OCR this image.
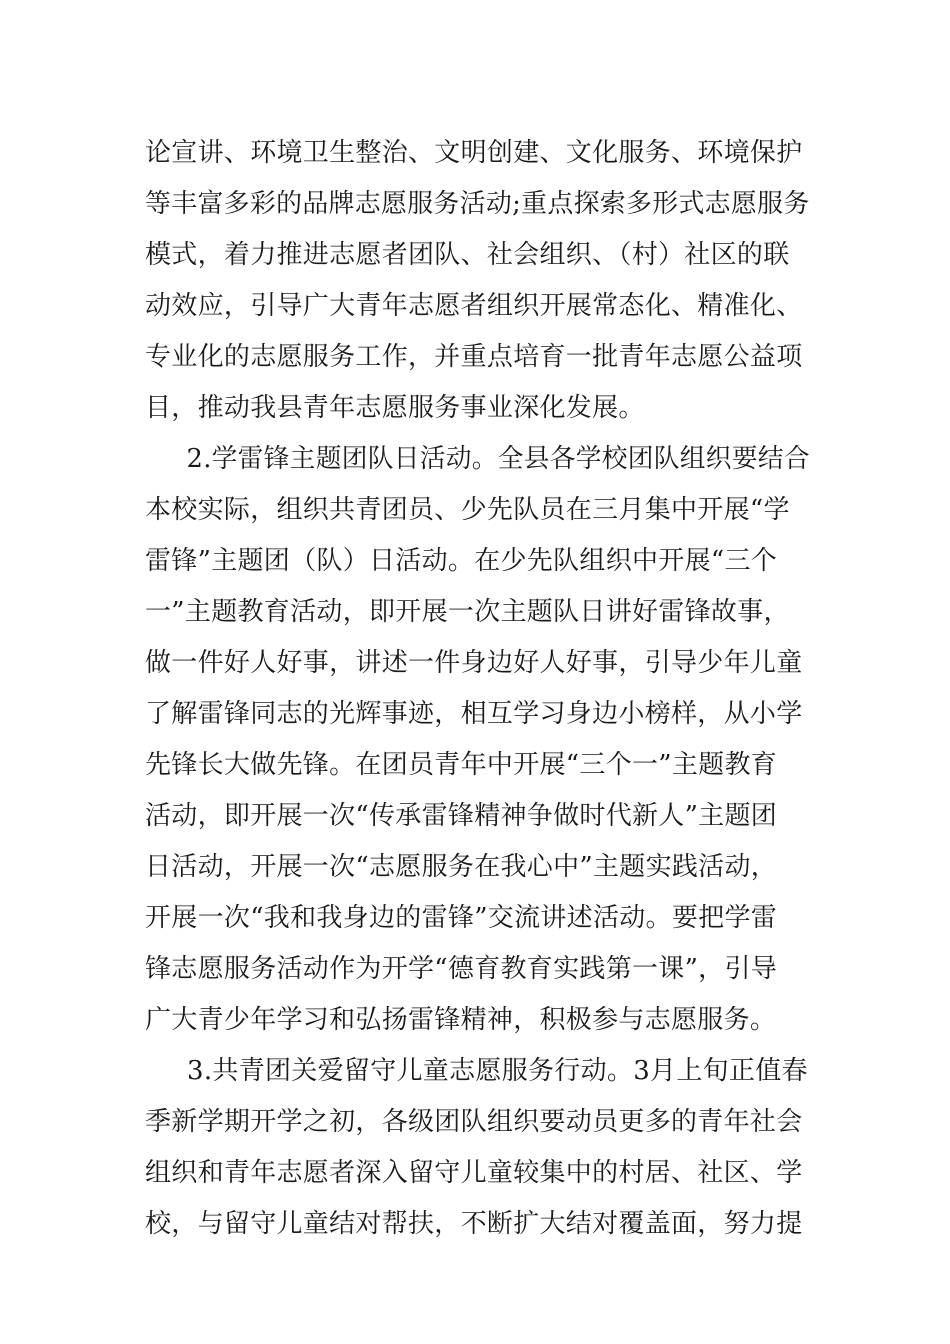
论宣讲、环境卫生整治、文明创建、文化服务、环境保护
等丰富多彩的品牌志愿服务活动;重点探索多形式志愿服务
模式，着力推进志愿者团队、社会组织、（村）社区的联
动效应，引导广大青年志愿者组织开展常态化、精准化、
专业化的志愿服务工作，并重点培育一批青年志愿公益项
目，推动我县青年志愿服务事业深化发展。
2.学雷锋主题团队日活动。全县各学校团队组织要结合
本校实际，组织共青团员、少先队员在三月集中开展“学
雷锋”主题团（队）日活动。在少先队组织中开展“三个
一”主题教育活动，即开展一次主题队日讲好雷锋故事，
做一件好人好事，讲述一件身边好人好事，引导少年儿童
了解雷锋同志的光辉事迹，相互学习身边小榜样，从小学
先锋长大做先锋。在团员青年中开展“三个一”主题教育
活动，即开展一次“传承雷锋精神争做时代新人”主题团
日活动，开展一次“志愿服务在我心中”主题实践活动，
开展一次“我和我身边的雷锋”交流讲述活动。要把学雷
锋志愿服务活动作为开学“德育教育实践第一课”，引导
广大青少年学习和弘扬雷锋精神，积极参与志愿服务。
3.共青团关爱留守儿童志愿服务行动。3月上旬正值春
季新学期开学之初，各级团队组织要动员更多的青年社会
组织和青年志愿者深入留守儿童较集中的村居、社区、学
校，与留守儿童结对帮扶，不断扩大结对覆盖面，努力提
